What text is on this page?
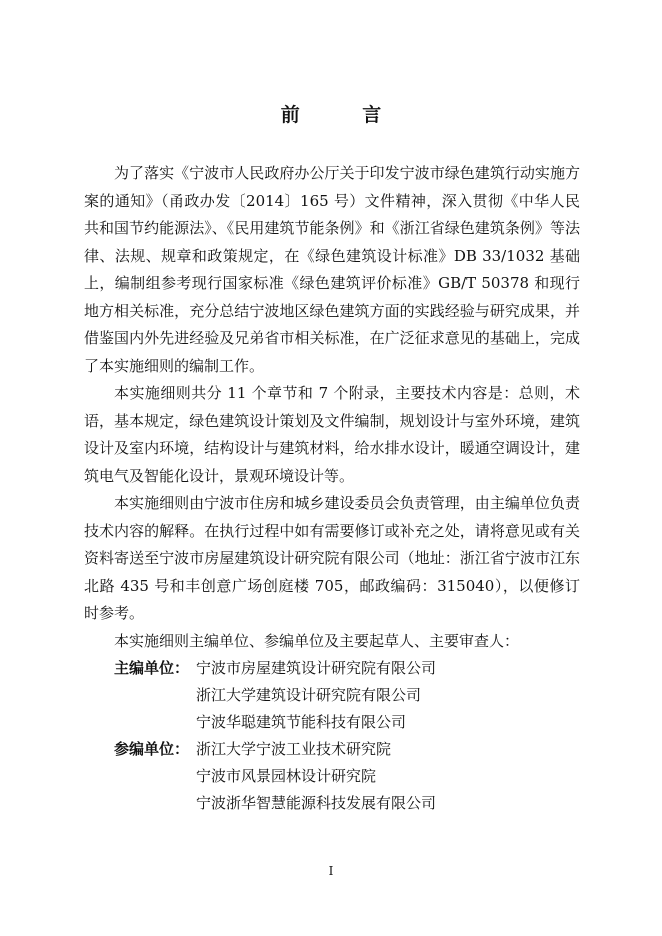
前 言

为了落实《宁波市人民政府办公厅关于印发宁波市绿色建筑行动实施方案的通知》（甬政办发〔2014〕165 号）文件精神，深入贯彻《中华人民共和国节约能源法》、《民用建筑节能条例》和《浙江省绿色建筑条例》等法律、法规、规章和政策规定，在《绿色建筑设计标准》DB 33/1032 基础上，编制组参考现行国家标准《绿色建筑评价标准》GB/T 50378 和现行地方相关标准，充分总结宁波地区绿色建筑方面的实践经验与研究成果，并借鉴国内外先进经验及兄弟省市相关标准，在广泛征求意见的基础上，完成了本实施细则的编制工作。

本实施细则共分 11 个章节和 7 个附录，主要技术内容是：总则，术语，基本规定，绿色建筑设计策划及文件编制，规划设计与室外环境，建筑设计及室内环境，结构设计与建筑材料，给水排水设计，暖通空调设计，建筑电气及智能化设计，景观环境设计等。

本实施细则由宁波市住房和城乡建设委员会负责管理，由主编单位负责技术内容的解释。在执行过程中如有需要修订或补充之处，请将意见或有关资料寄送至宁波市房屋建筑设计研究院有限公司（地址：浙江省宁波市江东北路 435 号和丰创意广场创庭楼 705，邮政编码：315040），以便修订时参考。

本实施细则主编单位、参编单位及主要起草人、主要审查人：

主编单位： 宁波市房屋建筑设计研究院有限公司
浙江大学建筑设计研究院有限公司
宁波华聪建筑节能科技有限公司
参编单位： 浙江大学宁波工业技术研究院
宁波市风景园林设计研究院
宁波浙华智慧能源科技发展有限公司
I
